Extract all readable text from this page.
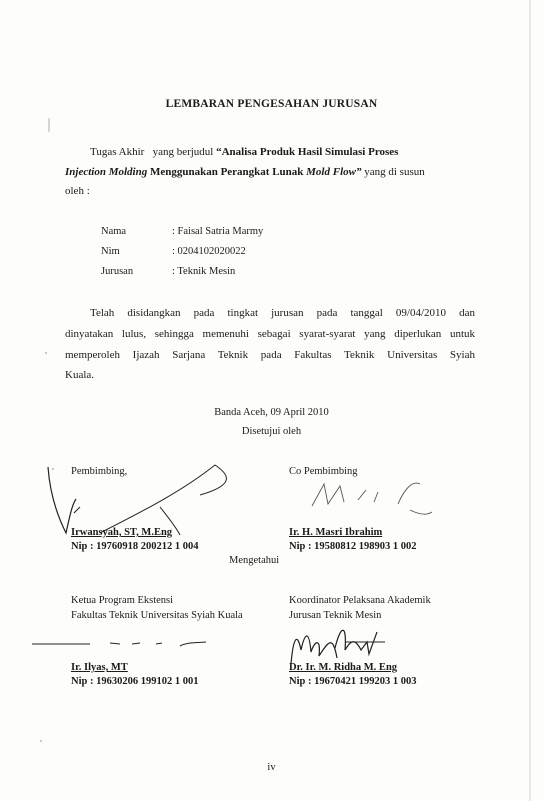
LEMBARAN PENGESAHAN JURUSAN
Tugas Akhir yang berjudul “Analisa Produk Hasil Simulasi Proses
Injection Molding Menggunakan Perangkat Lunak Mold Flow” yang di susun
oleh :
Nama	: Faisal Satria Marmy
Nim	: 0204102020022
Jurusan	: Teknik Mesin
Telah disidangkan pada tingkat jurusan pada tanggal 09/04/2010 dan
dinyatakan lulus, sehingga memenuhi sebagai syarat-syarat yang diperlukan untuk
memperoleh Ijazah Sarjana Teknik pada Fakultas Teknik Universitas Syiah
Kuala.
Banda Aceh, 09 April 2010
Disetujui oleh
Pembimbing,
Irwansyah, ST, M.Eng
Nip : 19760918 200212 1 004
Co Pembimbing
Ir. H. Masri Ibrahim
Nip : 19580812 198903 1 002
Mengetahui
Ketua Program Ekstensi
Fakultas Teknik Universitas Syiah Kuala
Ir. Ilyas, MT
Nip : 19630206 199102 1 001
Koordinator Pelaksana Akademik
Jurusan Teknik Mesin
Dr. Ir. M. Ridha M. Eng
Nip : 19670421 199203 1 003
iv
